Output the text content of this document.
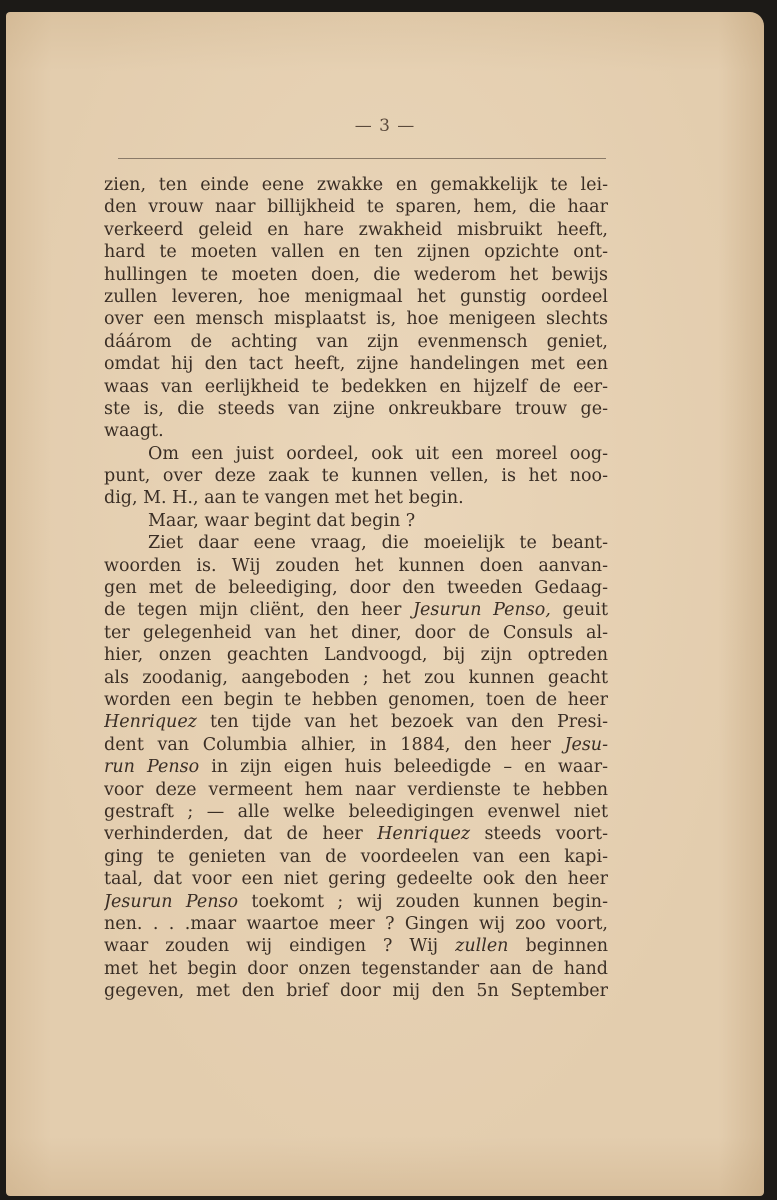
— 3 —
zien, ten einde eene zwakke en gemakkelijk te lei-
den vrouw naar billijkheid te sparen, hem, die haar
verkeerd geleid en hare zwakheid misbruikt heeft,
hard te moeten vallen en ten zijnen opzichte ont-
hullingen te moeten doen, die wederom het bewijs
zullen leveren, hoe menigmaal het gunstig oordeel
over een mensch misplaatst is, hoe menigeen slechts
dáárom de achting van zijn evenmensch geniet,
omdat hij den tact heeft, zijne handelingen met een
waas van eerlijkheid te bedekken en hijzelf de eer-
ste is, die steeds van zijne onkreukbare trouw ge-
waagt.
Om een juist oordeel, ook uit een moreel oog-
punt, over deze zaak te kunnen vellen, is het noo-
dig, M. H., aan te vangen met het begin.
Maar, waar begint dat begin ?
Ziet daar eene vraag, die moeielijk te beant-
woorden is. Wij zouden het kunnen doen aanvan-
gen met de beleediging, door den tweeden Gedaag-
de tegen mijn cliënt, den heer Jesurun Penso, geuit
ter gelegenheid van het diner, door de Consuls al-
hier, onzen geachten Landvoogd, bij zijn optreden
als zoodanig, aangeboden ; het zou kunnen geacht
worden een begin te hebben genomen, toen de heer
Henriquez ten tijde van het bezoek van den Presi-
dent van Columbia alhier, in 1884, den heer Jesu-
run Penso in zijn eigen huis beleedigde – en waar-
voor deze vermeent hem naar verdienste te hebben
gestraft ; — alle welke beleedigingen evenwel niet
verhinderden, dat de heer Henriquez steeds voort-
ging te genieten van de voordeelen van een kapi-
taal, dat voor een niet gering gedeelte ook den heer
Jesurun Penso toekomt ; wij zouden kunnen begin-
nen. . . .maar waartoe meer ? Gingen wij zoo voort,
waar zouden wij eindigen ? Wij zullen beginnen
met het begin door onzen tegenstander aan de hand
gegeven, met den brief door mij den 5n September
